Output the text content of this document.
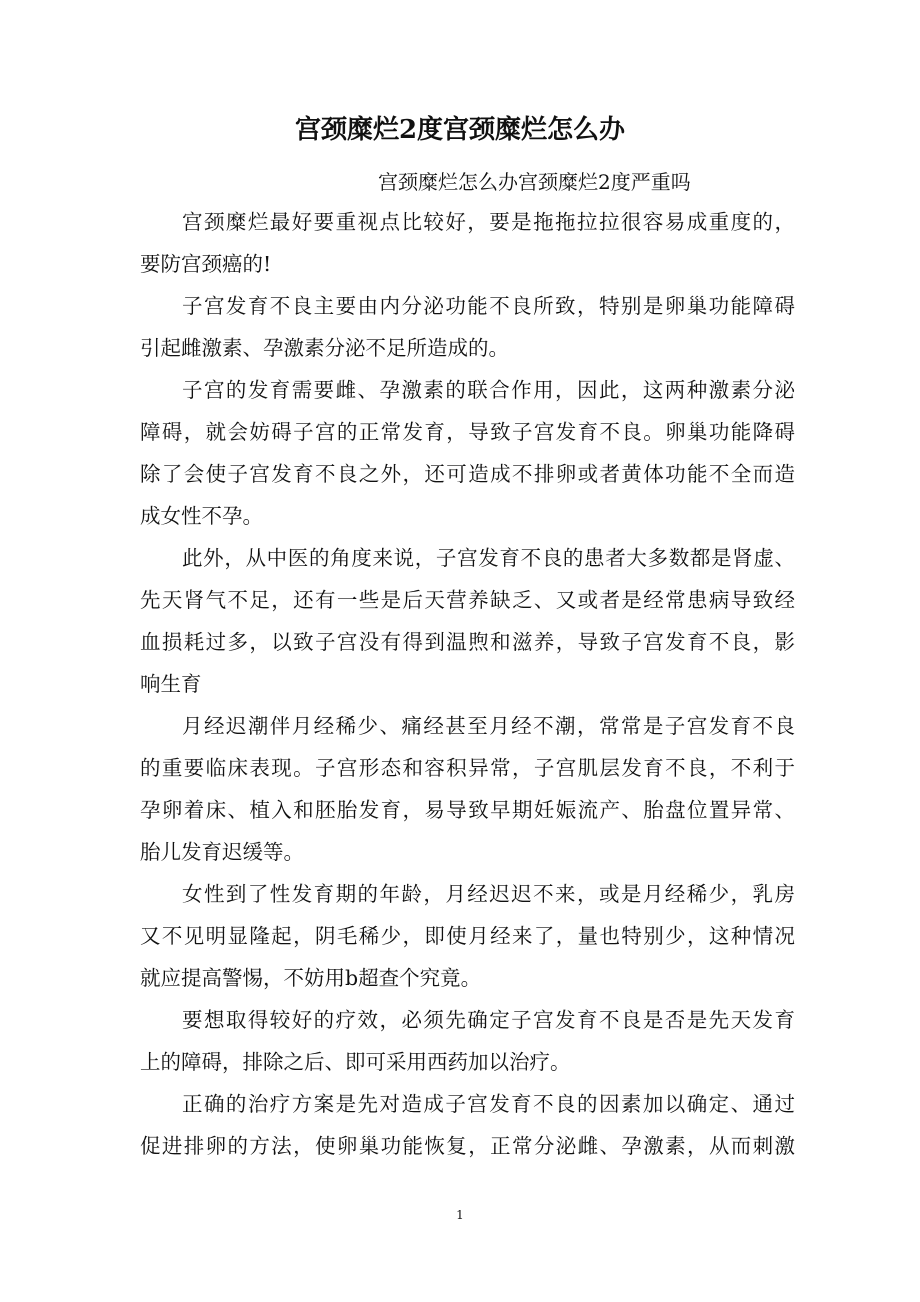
宫颈糜烂2度宫颈糜烂怎么办
宫颈糜烂怎么办宫颈糜烂2度严重吗
宫颈糜烂最好要重视点比较好，要是拖拖拉拉很容易成重度的，
要防宫颈癌的!
子宫发育不良主要由内分泌功能不良所致，特别是卵巢功能障碍
引起雌激素、孕激素分泌不足所造成的。
子宫的发育需要雌、孕激素的联合作用，因此，这两种激素分泌
障碍，就会妨碍子宫的正常发育，导致子宫发育不良。卵巢功能降碍
除了会使子宫发育不良之外，还可造成不排卵或者黄体功能不全而造
成女性不孕。
此外，从中医的角度来说，子宫发育不良的患者大多数都是肾虚、
先天肾气不足，还有一些是后天营养缺乏、又或者是经常患病导致经
血损耗过多，以致子宫没有得到温煦和滋养，导致子宫发育不良，影
响生育
月经迟潮伴月经稀少、痛经甚至月经不潮，常常是子宫发育不良
的重要临床表现。子宫形态和容积异常，子宫肌层发育不良，不利于
孕卵着床、植入和胚胎发育，易导致早期妊娠流产、胎盘位置异常、
胎儿发育迟缓等。
女性到了性发育期的年龄，月经迟迟不来，或是月经稀少，乳房
又不见明显隆起，阴毛稀少，即使月经来了，量也特别少，这种情况
就应提高警惕，不妨用b超查个究竟。
要想取得较好的疗效，必须先确定子宫发育不良是否是先天发育
上的障碍，排除之后、即可采用西药加以治疗。
正确的治疗方案是先对造成子宫发育不良的因素加以确定、通过
促进排卵的方法，使卵巢功能恢复，正常分泌雌、孕激素，从而刺激
1
